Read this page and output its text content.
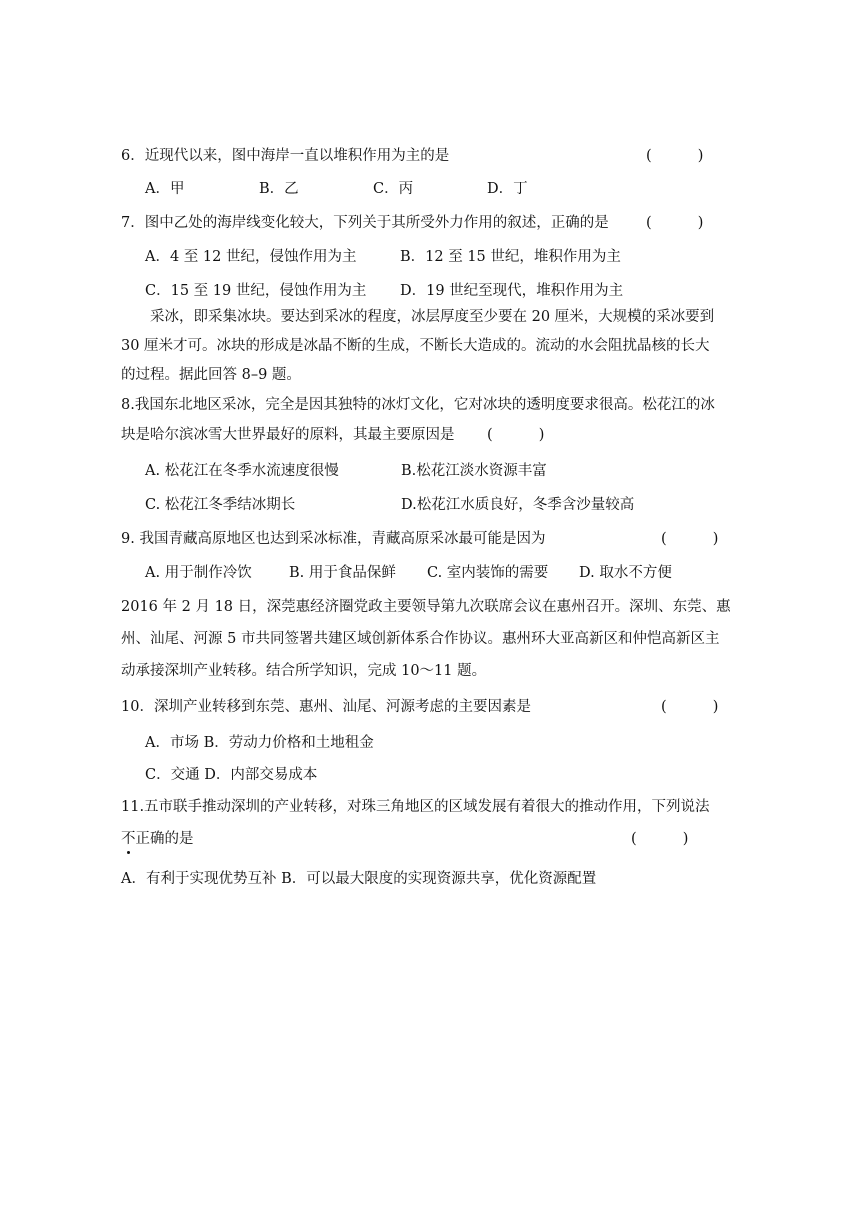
6．近现代以来，图中海岸一直以堆积作用为主的是	(          )
A．甲	B．乙	C．丙	D．丁
7．图中乙处的海岸线变化较大，下列关于其所受外力作用的叙述，正确的是	(          )
A．4 至 12 世纪，侵蚀作用为主	B．12 至 15 世纪，堆积作用为主
C．15 至 19 世纪，侵蚀作用为主 D．19 世纪至现代，堆积作用为主
采冰，即采集冰块。要达到采冰的程度，冰层厚度至少要在 20 厘米，大规模的采冰要到
30 厘米才可。冰块的形成是冰晶不断的生成，不断长大造成的。流动的水会阻扰晶核的长大
的过程。据此回答 8–9 题。
8.我国东北地区采冰，完全是因其独特的冰灯文化，它对冰块的透明度要求很高。松花江的冰
块是哈尔滨冰雪大世界最好的原料，其最主要原因是 (          )
A. 松花江在冬季水流速度很慢	B.松花江淡水资源丰富
C. 松花江冬季结冰期长	D.松花江水质良好，冬季含沙量较高
9. 我国青藏高原地区也达到采冰标准，青藏高原采冰最可能是因为	(          )
A. 用于制作冷饮	B. 用于食品保鲜 C. 室内装饰的需要 D. 取水不方便
2016 年 2 月 18 日，深莞惠经济圈党政主要领导第九次联席会议在惠州召开。深圳、东莞、惠
州、汕尾、河源 5 市共同签署共建区域创新体系合作协议。惠州环大亚高新区和仲恺高新区主
动承接深圳产业转移。结合所学知识，完成 10～11 题。
10．深圳产业转移到东莞、惠州、汕尾、河源考虑的主要因素是	(          )
A．市场 B．劳动力价格和土地租金
C．交通 D．内部交易成本
11.五市联手推动深圳的产业转移，对珠三角地区的区域发展有着很大的推动作用，下列说法
不正确的是	(          )
A．有利于实现优势互补 B．可以最大限度的实现资源共享，优化资源配置
